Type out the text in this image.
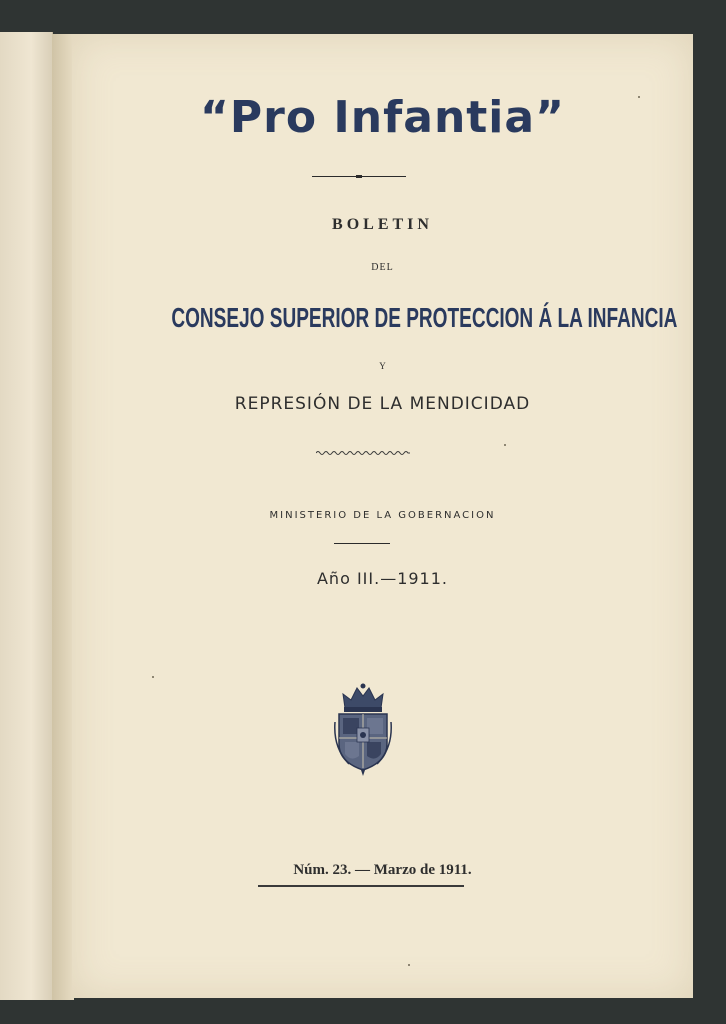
“Pro Infantia”
BOLETIN
DEL
CONSEJO SUPERIOR DE PROTECCION Á LA INFANCIA
Y
REPRESIÓN DE LA MENDICIDAD
MINISTERIO DE LA GOBERNACION
Año III.—1911.
Núm. 23. — Marzo de 1911.
